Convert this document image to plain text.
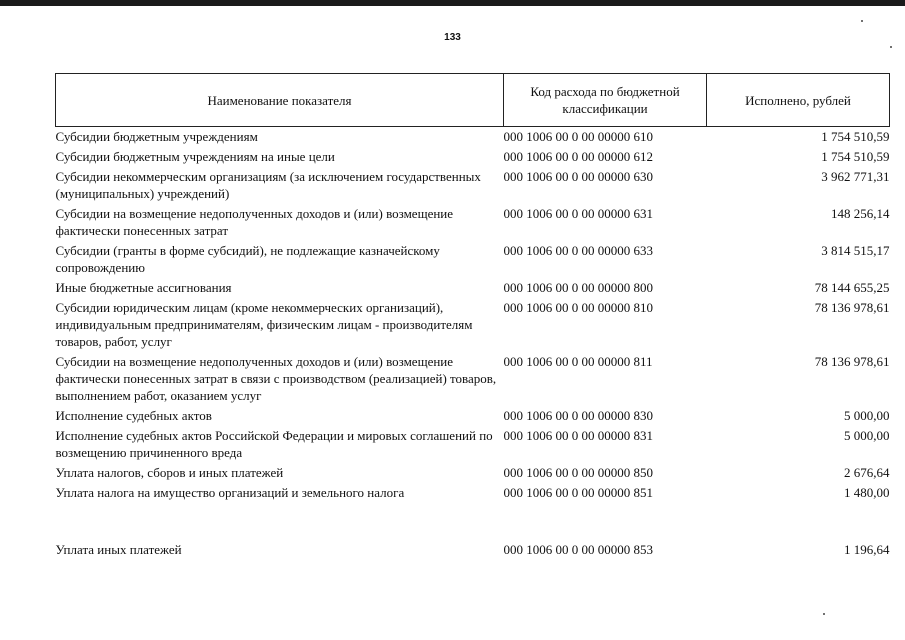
133
Наименование показателя	Код расхода по бюджетной классификации	Исполнено, рублей
Субсидии бюджетным учреждениям	000 1006 00 0 00 00000 610	1 754 510,59
Субсидии бюджетным учреждениям на иные цели	000 1006 00 0 00 00000 612	1 754 510,59
Субсидии некоммерческим организациям (за исключением государственных (муниципальных) учреждений)	000 1006 00 0 00 00000 630	3 962 771,31
Субсидии на возмещение недополученных доходов и (или) возмещение фактически понесенных затрат	000 1006 00 0 00 00000 631	148 256,14
Субсидии (гранты в форме субсидий), не подлежащие казначейскому сопровождению	000 1006 00 0 00 00000 633	3 814 515,17
Иные бюджетные ассигнования	000 1006 00 0 00 00000 800	78 144 655,25
Субсидии юридическим лицам (кроме некоммерческих организаций), индивидуальным предпринимателям, физическим лицам - производителям товаров, работ, услуг	000 1006 00 0 00 00000 810	78 136 978,61
Субсидии на возмещение недополученных доходов и (или) возмещение фактически понесенных затрат в связи с производством (реализацией) товаров, выполнением работ, оказанием услуг	000 1006 00 0 00 00000 811	78 136 978,61
Исполнение судебных актов	000 1006 00 0 00 00000 830	5 000,00
Исполнение судебных актов Российской Федерации и мировых соглашений по возмещению причиненного вреда	000 1006 00 0 00 00000 831	5 000,00
Уплата налогов, сборов и иных платежей	000 1006 00 0 00 00000 850	2 676,64
Уплата налога на имущество организаций и земельного налога	000 1006 00 0 00 00000 851	1 480,00

Уплата иных платежей	000 1006 00 0 00 00000 853	1 196,64
